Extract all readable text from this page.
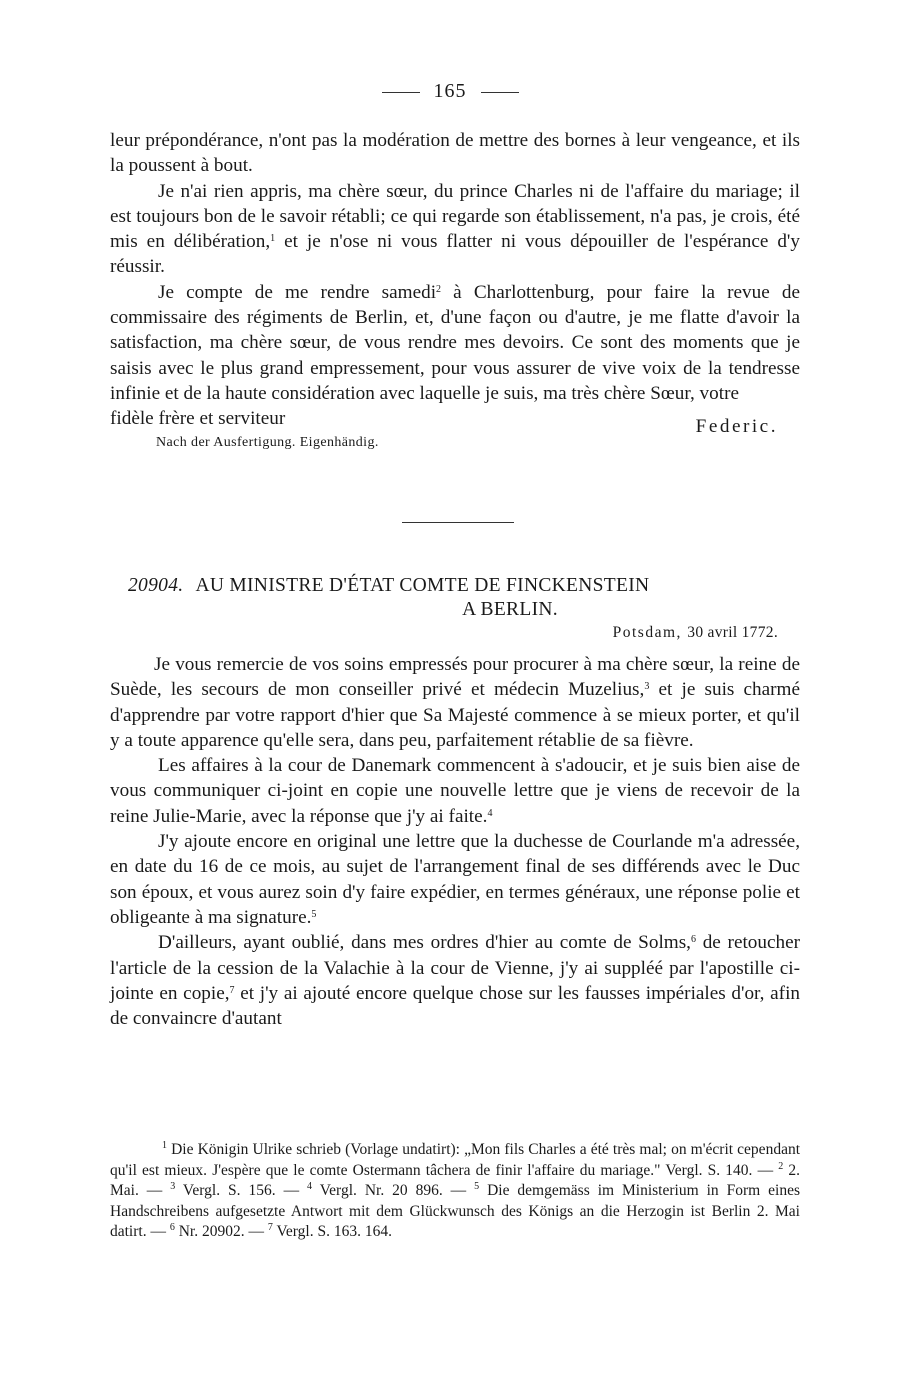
165

leur prépondérance, n'ont pas la modération de mettre des bornes à leur vengeance, et ils la poussent à bout.

Je n'ai rien appris, ma chère sœur, du prince Charles ni de l'affaire du mariage; il est toujours bon de le savoir rétabli; ce qui regarde son établissement, n'a pas, je crois, été mis en délibération,$^1$ et je n'ose ni vous flatter ni vous dépouiller de l'espérance d'y réussir.

Je compte de me rendre samedi$^2$ à Charlottenburg, pour faire la revue de commissaire des régiments de Berlin, et, d'une façon ou d'autre, je me flatte d'avoir la satisfaction, ma chère sœur, de vous rendre mes devoirs. Ce sont des moments que je saisis avec le plus grand empressement, pour vous assurer de vive voix de la tendresse infinie et de la haute considération avec laquelle je suis, ma très chère Sœur, votre

fidèle frère et serviteur	Federic.
Nach der Ausfertigung. Eigenhändig.
20904. AU MINISTRE D'ÉTAT COMTE DE FINCKENSTEIN
A BERLIN.
Potsdam, 30 avril 1772.

Je vous remercie de vos soins empressés pour procurer à ma chère sœur, la reine de Suède, les secours de mon conseiller privé et médecin Muzelius,$^3$ et je suis charmé d'apprendre par votre rapport d'hier que Sa Majesté commence à se mieux porter, et qu'il y a toute apparence qu'elle sera, dans peu, parfaitement rétablie de sa fièvre.

Les affaires à la cour de Danemark commencent à s'adoucir, et je suis bien aise de vous communiquer ci-joint en copie une nouvelle lettre que je viens de recevoir de la reine Julie-Marie, avec la réponse que j'y ai faite.$^4$

J'y ajoute encore en original une lettre que la duchesse de Courlande m'a adressée, en date du 16 de ce mois, au sujet de l'arrangement final de ses différends avec le Duc son époux, et vous aurez soin d'y faire expédier, en termes généraux, une réponse polie et obligeante à ma signature.$^5$

D'ailleurs, ayant oublié, dans mes ordres d'hier au comte de Solms,$^6$ de retoucher l'article de la cession de la Valachie à la cour de Vienne, j'y ai suppléé par l'apostille ci-jointe en copie,$^7$ et j'y ai ajouté encore quelque chose sur les fausses impériales d'or, afin de convaincre d'autant

$^1$ Die Königin Ulrike schrieb (Vorlage undatirt): „Mon fils Charles a été très mal; on m'écrit cependant qu'il est mieux. J'espère que le comte Ostermann tâchera de finir l'affaire du mariage." Vergl. S. 140. — $^2$ 2. Mai. — $^3$ Vergl. S. 156. — $^4$ Vergl. Nr. 20 896. — $^5$ Die demgemäss im Ministerium in Form eines Handschreibens aufgesetzte Antwort mit dem Glückwunsch des Königs an die Herzogin ist Berlin 2. Mai datirt. — $^6$ Nr. 20902. — $^7$ Vergl. S. 163. 164.
